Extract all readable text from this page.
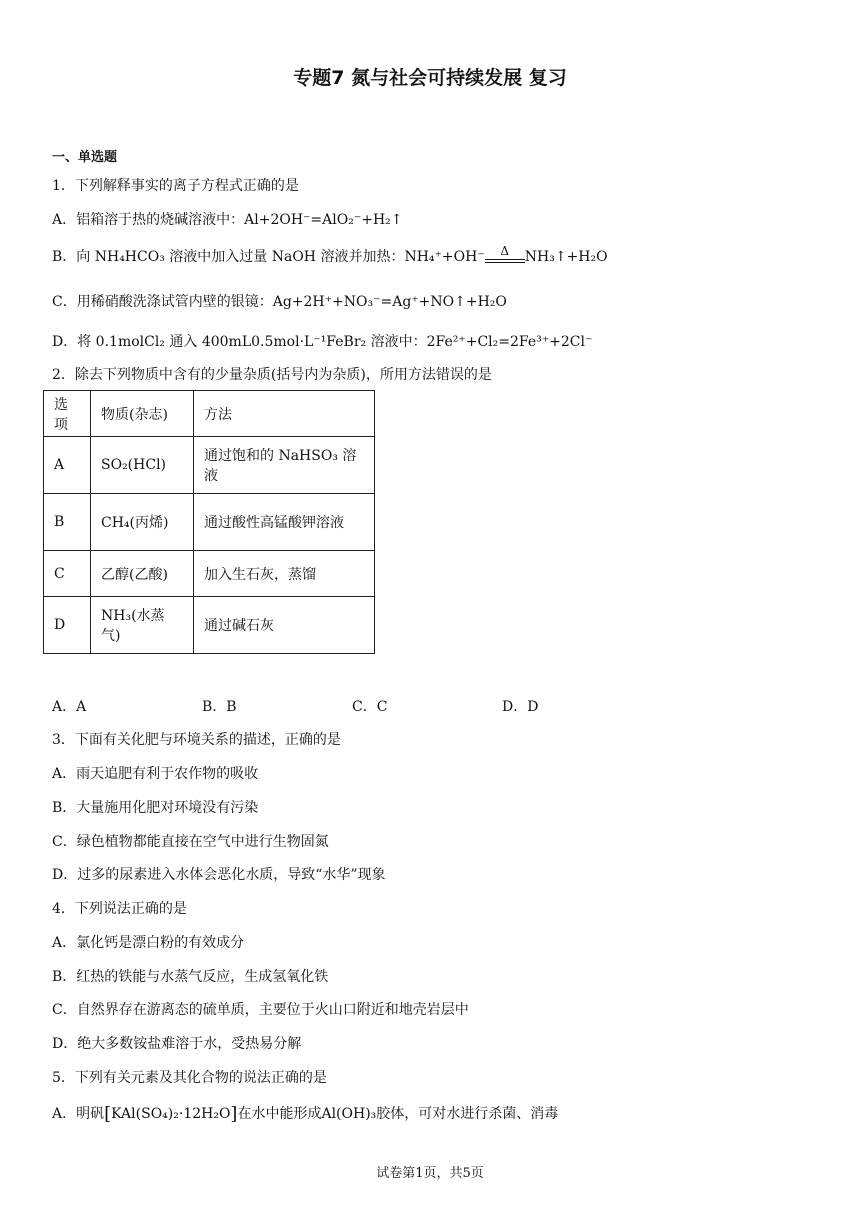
专题7 氮与社会可持续发展 复习
一、单选题
1．下列解释事实的离子方程式正确的是
A．铝箱溶于热的烧碱溶液中：Al+2OH⁻=AlO₂⁻+H₂↑
B．向 NH₄HCO₃ 溶液中加入过量 NaOH 溶液并加热：NH₄⁺+OH⁻	Δ	NH₃↑+H₂O
C．用稀硝酸洗涤试管内壁的银镜：Ag+2H⁺+NO₃⁻=Ag⁺+NO↑+H₂O
D．将 0.1molCl₂ 通入 400mL0.5mol·L⁻¹FeBr₂ 溶液中：2Fe²⁺+Cl₂=2Fe³⁺+2Cl⁻
2．除去下列物质中含有的少量杂质(括号内为杂质)，所用方法错误的是
选项	物质(杂志)	方法
A	SO₂(HCl)	通过饱和的 NaHSO₃ 溶液
B	CH₄(丙烯)	通过酸性高锰酸钾溶液
C	乙醇(乙酸)	加入生石灰，蒸馏
D	NH₃(水蒸气)	通过碱石灰
A．A	B．B	C．C	D．D
3．下面有关化肥与环境关系的描述，正确的是
A．雨天追肥有利于农作物的吸收
B．大量施用化肥对环境没有污染
C．绿色植物都能直接在空气中进行生物固氮
D．过多的尿素进入水体会恶化水质，导致“水华”现象
4．下列说法正确的是
A．氯化钙是漂白粉的有效成分
B．红热的铁能与水蒸气反应，生成氢氧化铁
C．自然界存在游离态的硫单质，主要位于火山口附近和地壳岩层中
D．绝大多数铵盐难溶于水，受热易分解
5．下列有关元素及其化合物的说法正确的是
A．明矾[KAl(SO₄)₂·12H₂O]在水中能形成Al(OH)₃胶体，可对水进行杀菌、消毒
试卷第1页，共5页
